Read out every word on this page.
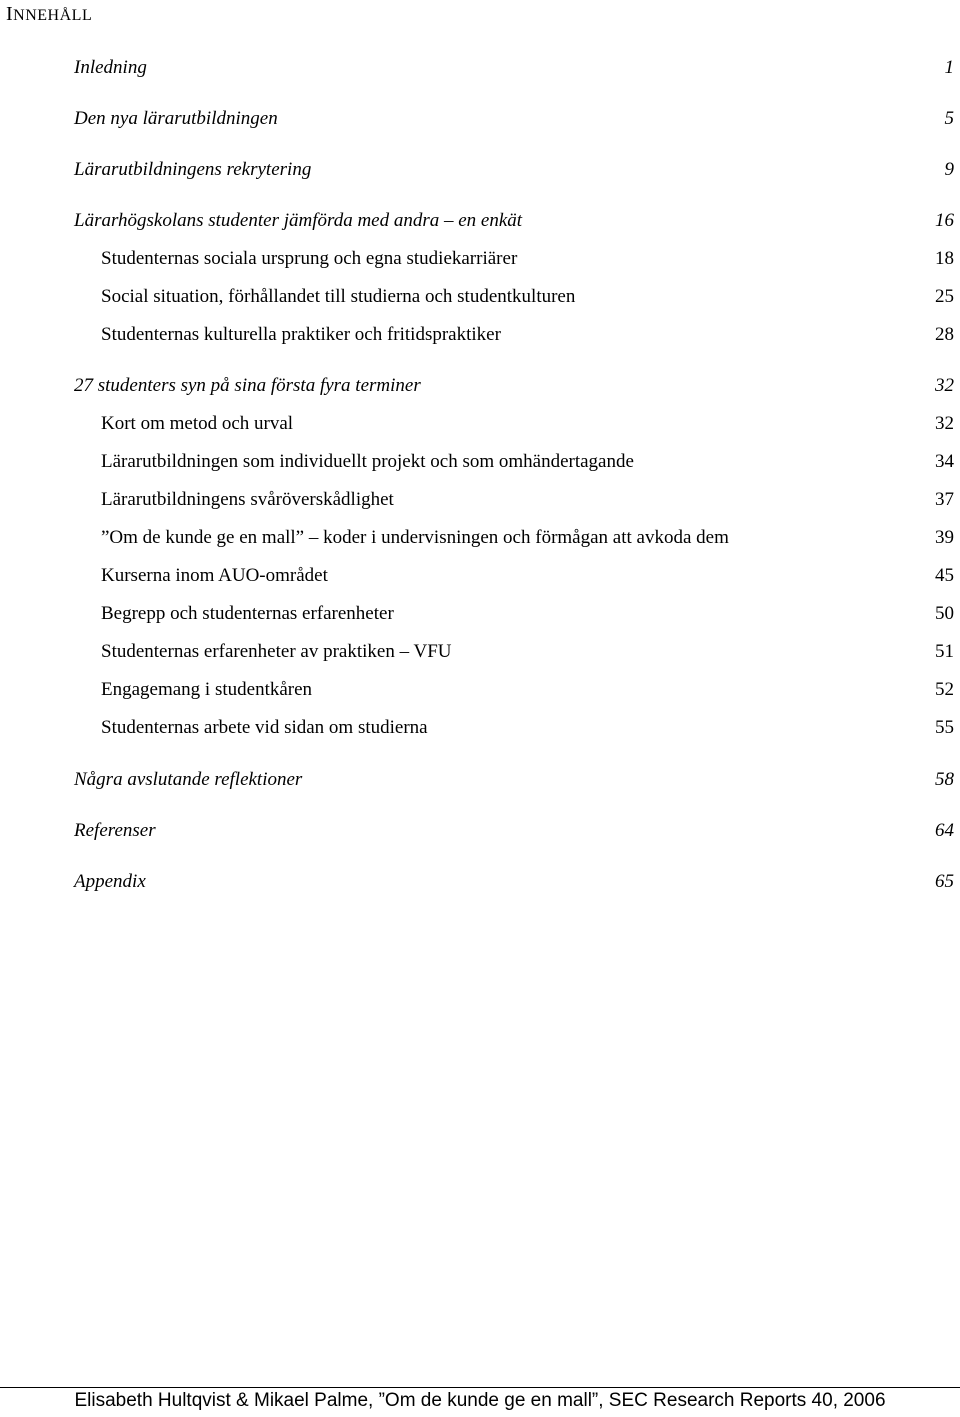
INNEHÅLL
Inledning	1
Den nya lärarutbildningen	5
Lärarutbildningens rekrytering	9
Lärarhögskolans studenter jämförda med andra – en enkät	16
Studenternas sociala ursprung och egna studiekarriärer	18
Social situation, förhållandet till studierna och studentkulturen	25
Studenternas kulturella praktiker och fritidspraktiker	28
27 studenters syn på sina första fyra terminer	32
Kort om metod och urval	32
Lärarutbildningen som individuellt projekt och som omhändertagande	34
Lärarutbildningens svåröverskådlighet	37
”Om de kunde ge en mall” – koder i undervisningen och förmågan att avkoda dem	39
Kurserna inom AUO-området	45
Begrepp och studenternas erfarenheter	50
Studenternas erfarenheter av praktiken – VFU	51
Engagemang i studentkåren	52
Studenternas arbete vid sidan om studierna	55
Några avslutande reflektioner	58
Referenser	64
Appendix	65
Elisabeth Hultqvist & Mikael Palme, ”Om de kunde ge en mall”, SEC Research Reports 40, 2006
